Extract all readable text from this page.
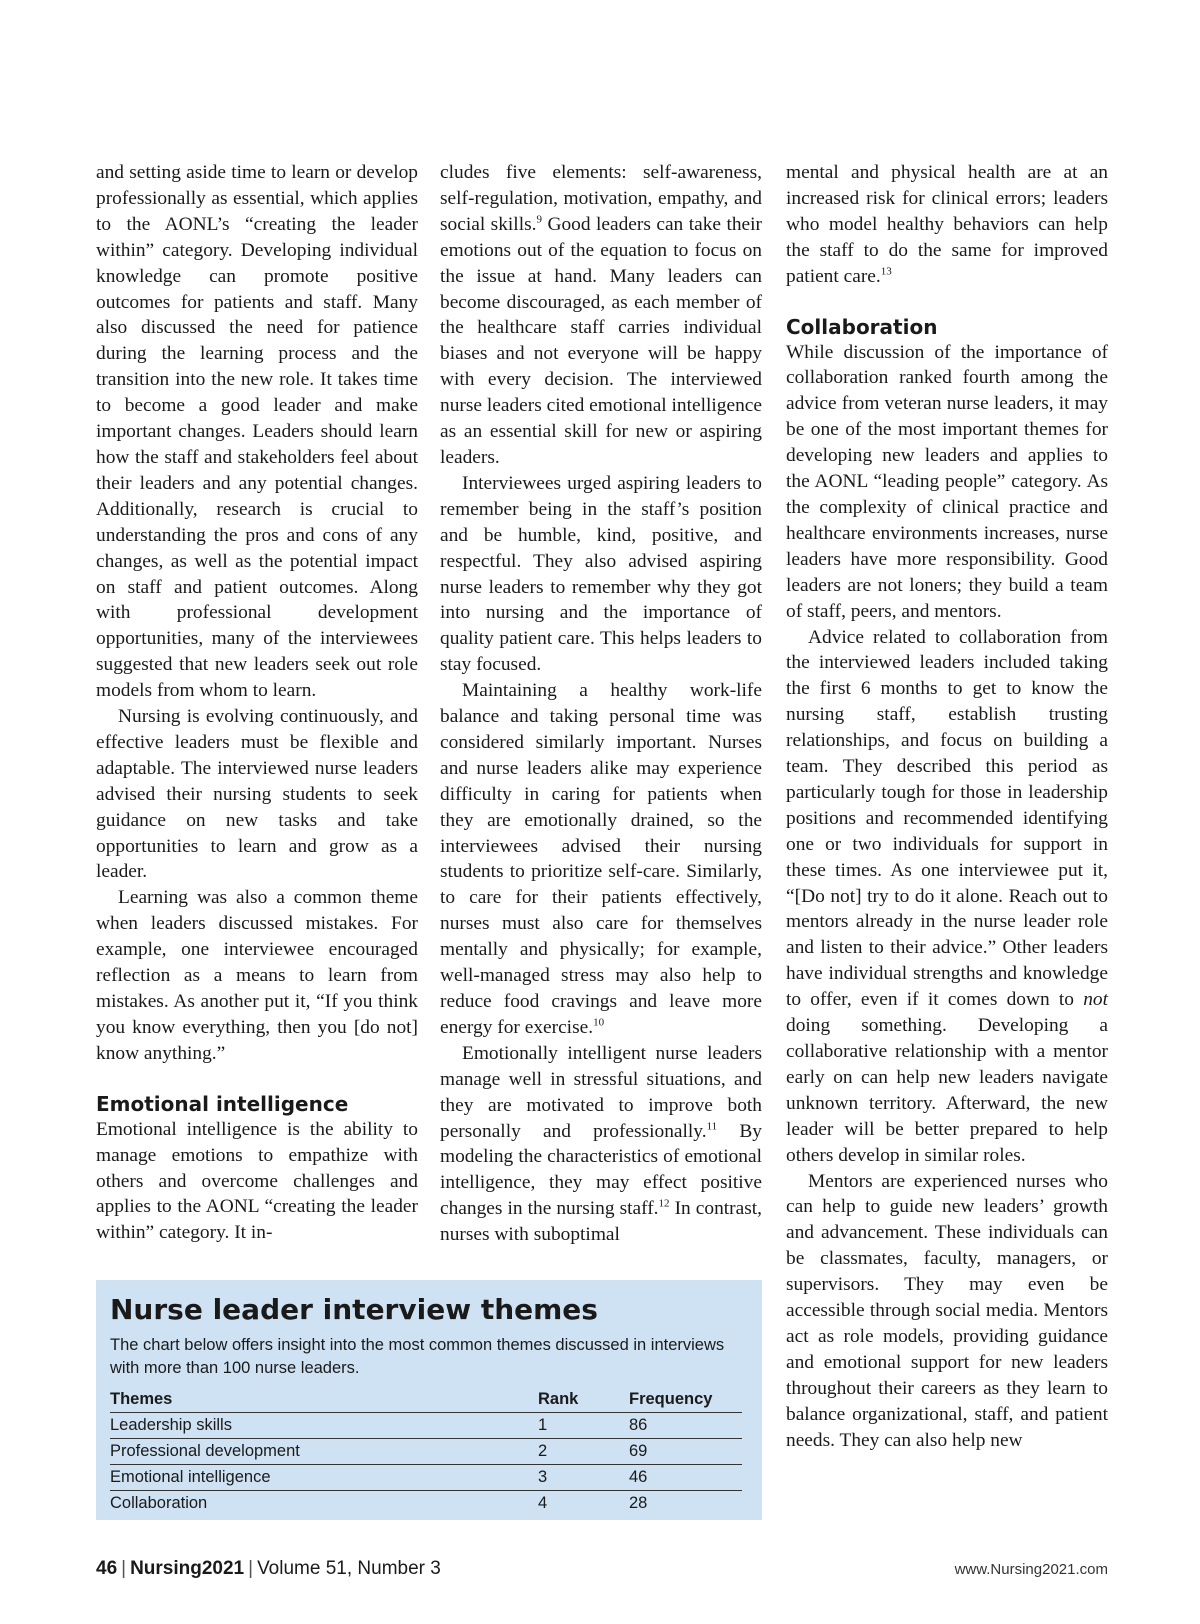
and setting aside time to learn or develop professionally as essential, which applies to the AONL’s “creating the leader within” category. Developing individual knowledge can promote positive outcomes for patients and staff. Many also discussed the need for patience during the learning process and the transition into the new role. It takes time to become a good leader and make important changes. Leaders should learn how the staff and stakeholders feel about their leaders and any potential changes. Additionally, research is crucial to understanding the pros and cons of any changes, as well as the potential impact on staff and patient outcomes. Along with professional development opportunities, many of the interviewees suggested that new leaders seek out role models from whom to learn.

Nursing is evolving continuously, and effective leaders must be flexible and adaptable. The interviewed nurse leaders advised their nursing students to seek guidance on new tasks and take opportunities to learn and grow as a leader.

Learning was also a common theme when leaders discussed mistakes. For example, one interviewee encouraged reflection as a means to learn from mistakes. As another put it, “If you think you know everything, then you [do not] know anything.”

Emotional intelligence

Emotional intelligence is the ability to manage emotions to empathize with others and overcome challenges and applies to the AONL “creating the leader within” category. It in-

cludes five elements: self-awareness, self-regulation, motivation, empathy, and social skills.$^9$ Good leaders can take their emotions out of the equation to focus on the issue at hand. Many leaders can become discouraged, as each member of the healthcare staff carries individual biases and not everyone will be happy with every decision. The interviewed nurse leaders cited emotional intelligence as an essential skill for new or aspiring leaders.

Interviewees urged aspiring leaders to remember being in the staff’s position and be humble, kind, positive, and respectful. They also advised aspiring nurse leaders to remember why they got into nursing and the importance of quality patient care. This helps leaders to stay focused.

Maintaining a healthy work-life balance and taking personal time was considered similarly important. Nurses and nurse leaders alike may experience difficulty in caring for patients when they are emotionally drained, so the interviewees advised their nursing students to prioritize self-care. Similarly, to care for their patients effectively, nurses must also care for themselves mentally and physically; for example, well-managed stress may also help to reduce food cravings and leave more energy for exercise.$^{10}$

Emotionally intelligent nurse leaders manage well in stressful situations, and they are motivated to improve both personally and professionally.$^{11}$ By modeling the characteristics of emotional intelligence, they may effect positive changes in the nursing staff.$^{12}$ In contrast, nurses with suboptimal

mental and physical health are at an increased risk for clinical errors; leaders who model healthy behaviors can help the staff to do the same for improved patient care.$^{13}$

Collaboration

While discussion of the importance of collaboration ranked fourth among the advice from veteran nurse leaders, it may be one of the most important themes for developing new leaders and applies to the AONL “leading people” category. As the complexity of clinical practice and healthcare environments increases, nurse leaders have more responsibility. Good leaders are not loners; they build a team of staff, peers, and mentors.

Advice related to collaboration from the interviewed leaders included taking the first 6 months to get to know the nursing staff, establish trusting relationships, and focus on building a team. They described this period as particularly tough for those in leadership positions and recommended identifying one or two individuals for support in these times. As one interviewee put it, “[Do not] try to do it alone. Reach out to mentors already in the nurse leader role and listen to their advice.” Other leaders have individual strengths and knowledge to offer, even if it comes down to not doing something. Developing a collaborative relationship with a mentor early on can help new leaders navigate unknown territory. Afterward, the new leader will be better prepared to help others develop in similar roles.

Mentors are experienced nurses who can help to guide new leaders’ growth and advancement. These individuals can be classmates, faculty, managers, or supervisors. They may even be accessible through social media. Mentors act as role models, providing guidance and emotional support for new leaders throughout their careers as they learn to balance organizational, staff, and patient needs. They can also help new

Nurse leader interview themes

The chart below offers insight into the most common themes discussed in interviews with more than 100 nurse leaders.

Themes	Rank	Frequency
Leadership skills	1	86
Professional development	2	69
Emotional intelligence	3	46
Collaboration	4	28
46 | Nursing2021 | Volume 51, Number 3	www.Nursing2021.com
